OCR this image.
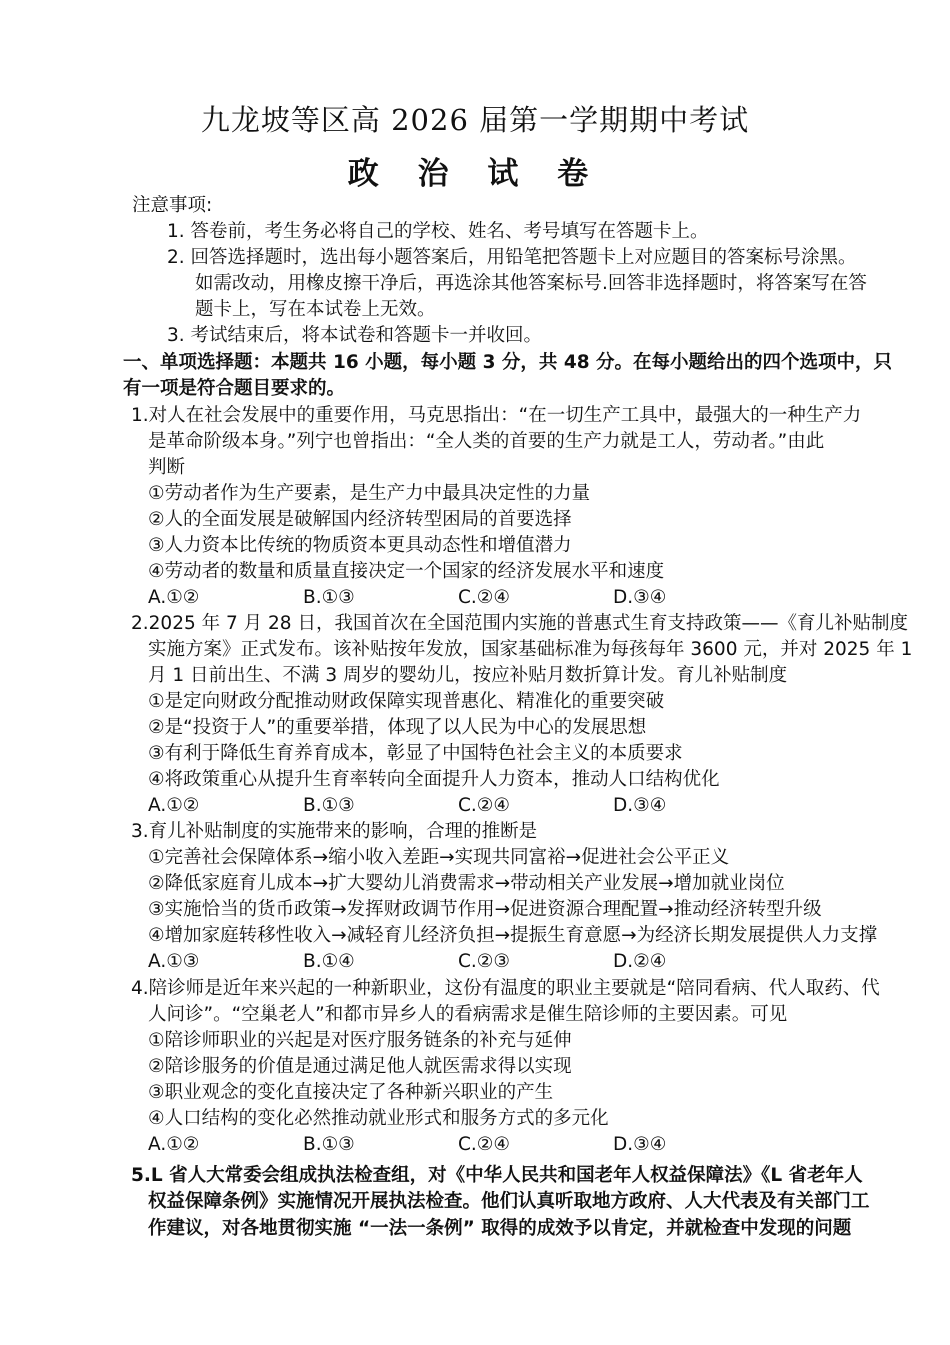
九龙坡等区高 2026 届第一学期期中考试
政 治 试 卷
注意事项:
1. 答卷前，考生务必将自己的学校、姓名、考号填写在答题卡上。
2. 回答选择题时，选出每小题答案后，用铅笔把答题卡上对应题目的答案标号涂黑。
如需改动，用橡皮擦干净后，再选涂其他答案标号.回答非选择题时，将答案写在答
题卡上，写在本试卷上无效。
3. 考试结束后，将本试卷和答题卡一并收回。
一、单项选择题：本题共 16 小题，每小题 3 分，共 48 分。在每小题给出的四个选项中，只
有一项是符合题目要求的。
1.对人在社会发展中的重要作用，马克思指出：“在一切生产工具中，最强大的一种生产力
是革命阶级本身。”列宁也曾指出：“全人类的首要的生产力就是工人，劳动者。”由此
判断
①劳动者作为生产要素，是生产力中最具决定性的力量
②人的全面发展是破解国内经济转型困局的首要选择
③人力资本比传统的物质资本更具动态性和增值潜力
④劳动者的数量和质量直接决定一个国家的经济发展水平和速度
A.①②	B.①③	C.②④	D.③④
2.2025 年 7 月 28 日，我国首次在全国范围内实施的普惠式生育支持政策——《育儿补贴制度
实施方案》正式发布。该补贴按年发放，国家基础标准为每孩每年 3600 元，并对 2025 年 1
月 1 日前出生、不满 3 周岁的婴幼儿，按应补贴月数折算计发。育儿补贴制度
①是定向财政分配推动财政保障实现普惠化、精准化的重要突破
②是“投资于人”的重要举措，体现了以人民为中心的发展思想
③有利于降低生育养育成本，彰显了中国特色社会主义的本质要求
④将政策重心从提升生育率转向全面提升人力资本，推动人口结构优化
A.①②	B.①③	C.②④	D.③④
3.育儿补贴制度的实施带来的影响，合理的推断是
①完善社会保障体系→缩小收入差距→实现共同富裕→促进社会公平正义
②降低家庭育儿成本→扩大婴幼儿消费需求→带动相关产业发展→增加就业岗位
③实施恰当的货币政策→发挥财政调节作用→促进资源合理配置→推动经济转型升级
④增加家庭转移性收入→减轻育儿经济负担→提振生育意愿→为经济长期发展提供人力支撑
A.①③	B.①④	C.②③	D.②④
4.陪诊师是近年来兴起的一种新职业，这份有温度的职业主要就是“陪同看病、代人取药、代
人问诊”。“空巢老人”和都市异乡人的看病需求是催生陪诊师的主要因素。可见
①陪诊师职业的兴起是对医疗服务链条的补充与延伸
②陪诊服务的价值是通过满足他人就医需求得以实现
③职业观念的变化直接决定了各种新兴职业的产生
④人口结构的变化必然推动就业形式和服务方式的多元化
A.①②	B.①③	C.②④	D.③④
5.L 省人大常委会组成执法检查组，对《中华人民共和国老年人权益保障法》《L 省老年人
权益保障条例》实施情况开展执法检查。他们认真听取地方政府、人大代表及有关部门工
作建议，对各地贯彻实施 “一法一条例” 取得的成效予以肯定，并就检查中发现的问题
